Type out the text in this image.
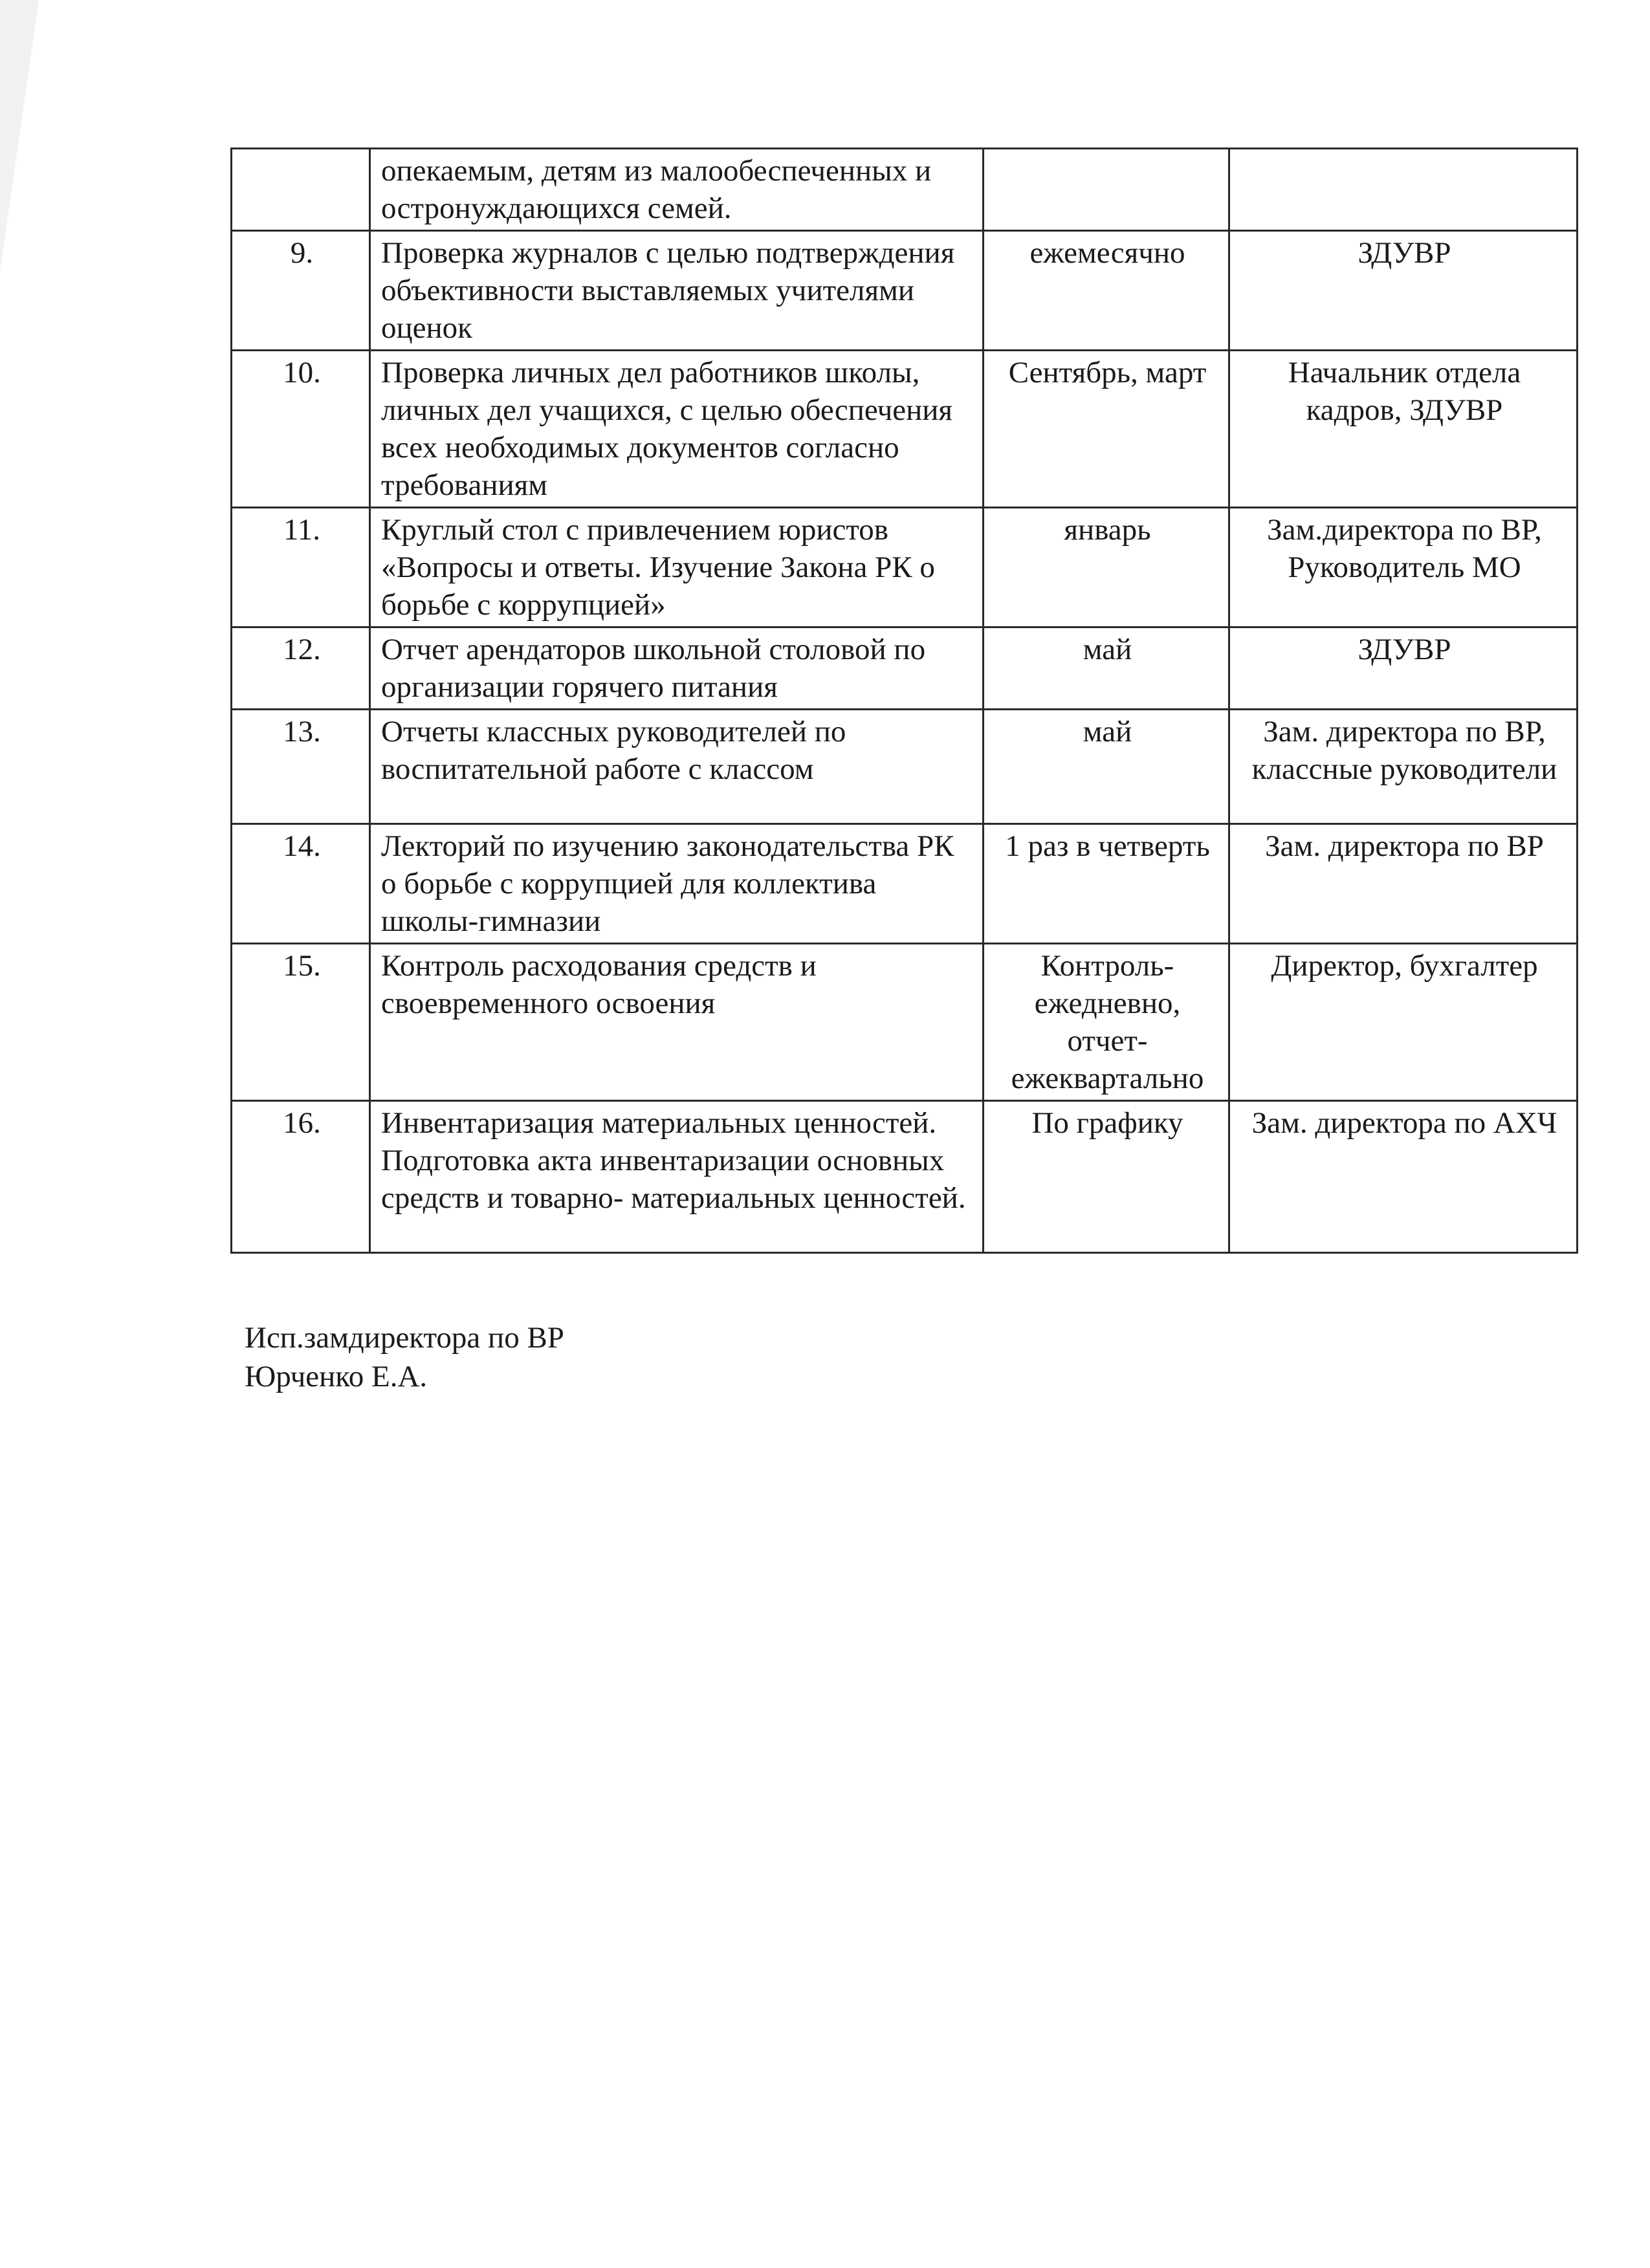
	опекаемым, детям из малообеспеченных и остронуждающихся семей.		
9.	Проверка журналов с целью подтверждения объективности выставляемых учителями оценок	ежемесячно	ЗДУВР
10.	Проверка личных дел работников школы, личных дел учащихся, с целью обеспечения всех необходимых документов согласно требованиям	Сентябрь, март	Начальник отдела кадров, ЗДУВР
11.	Круглый стол с привлечением юристов «Вопросы и ответы. Изучение Закона РК о борьбе с коррупцией»	январь	Зам.директора по ВР, Руководитель МО
12.	Отчет арендаторов школьной столовой по организации горячего питания	май	ЗДУВР
13.	Отчеты классных руководителей по воспитательной работе с классом	май	Зам. директора по ВР, классные руководители
14.	Лекторий по изучению законодательства РК о борьбе с коррупцией для коллектива школы-гимназии	1 раз в четверть	Зам. директора по ВР
15.	Контроль расходования средств и своевременного освоения	Контроль- ежедневно, отчет- ежеквартально	Директор, бухгалтер
16.	Инвентаризация материальных ценностей. Подготовка акта инвентаризации основных средств и товарно- материальных ценностей.	По графику	Зам. директора по АХЧ
Исп.замдиректора по ВР
Юрченко Е.А.
